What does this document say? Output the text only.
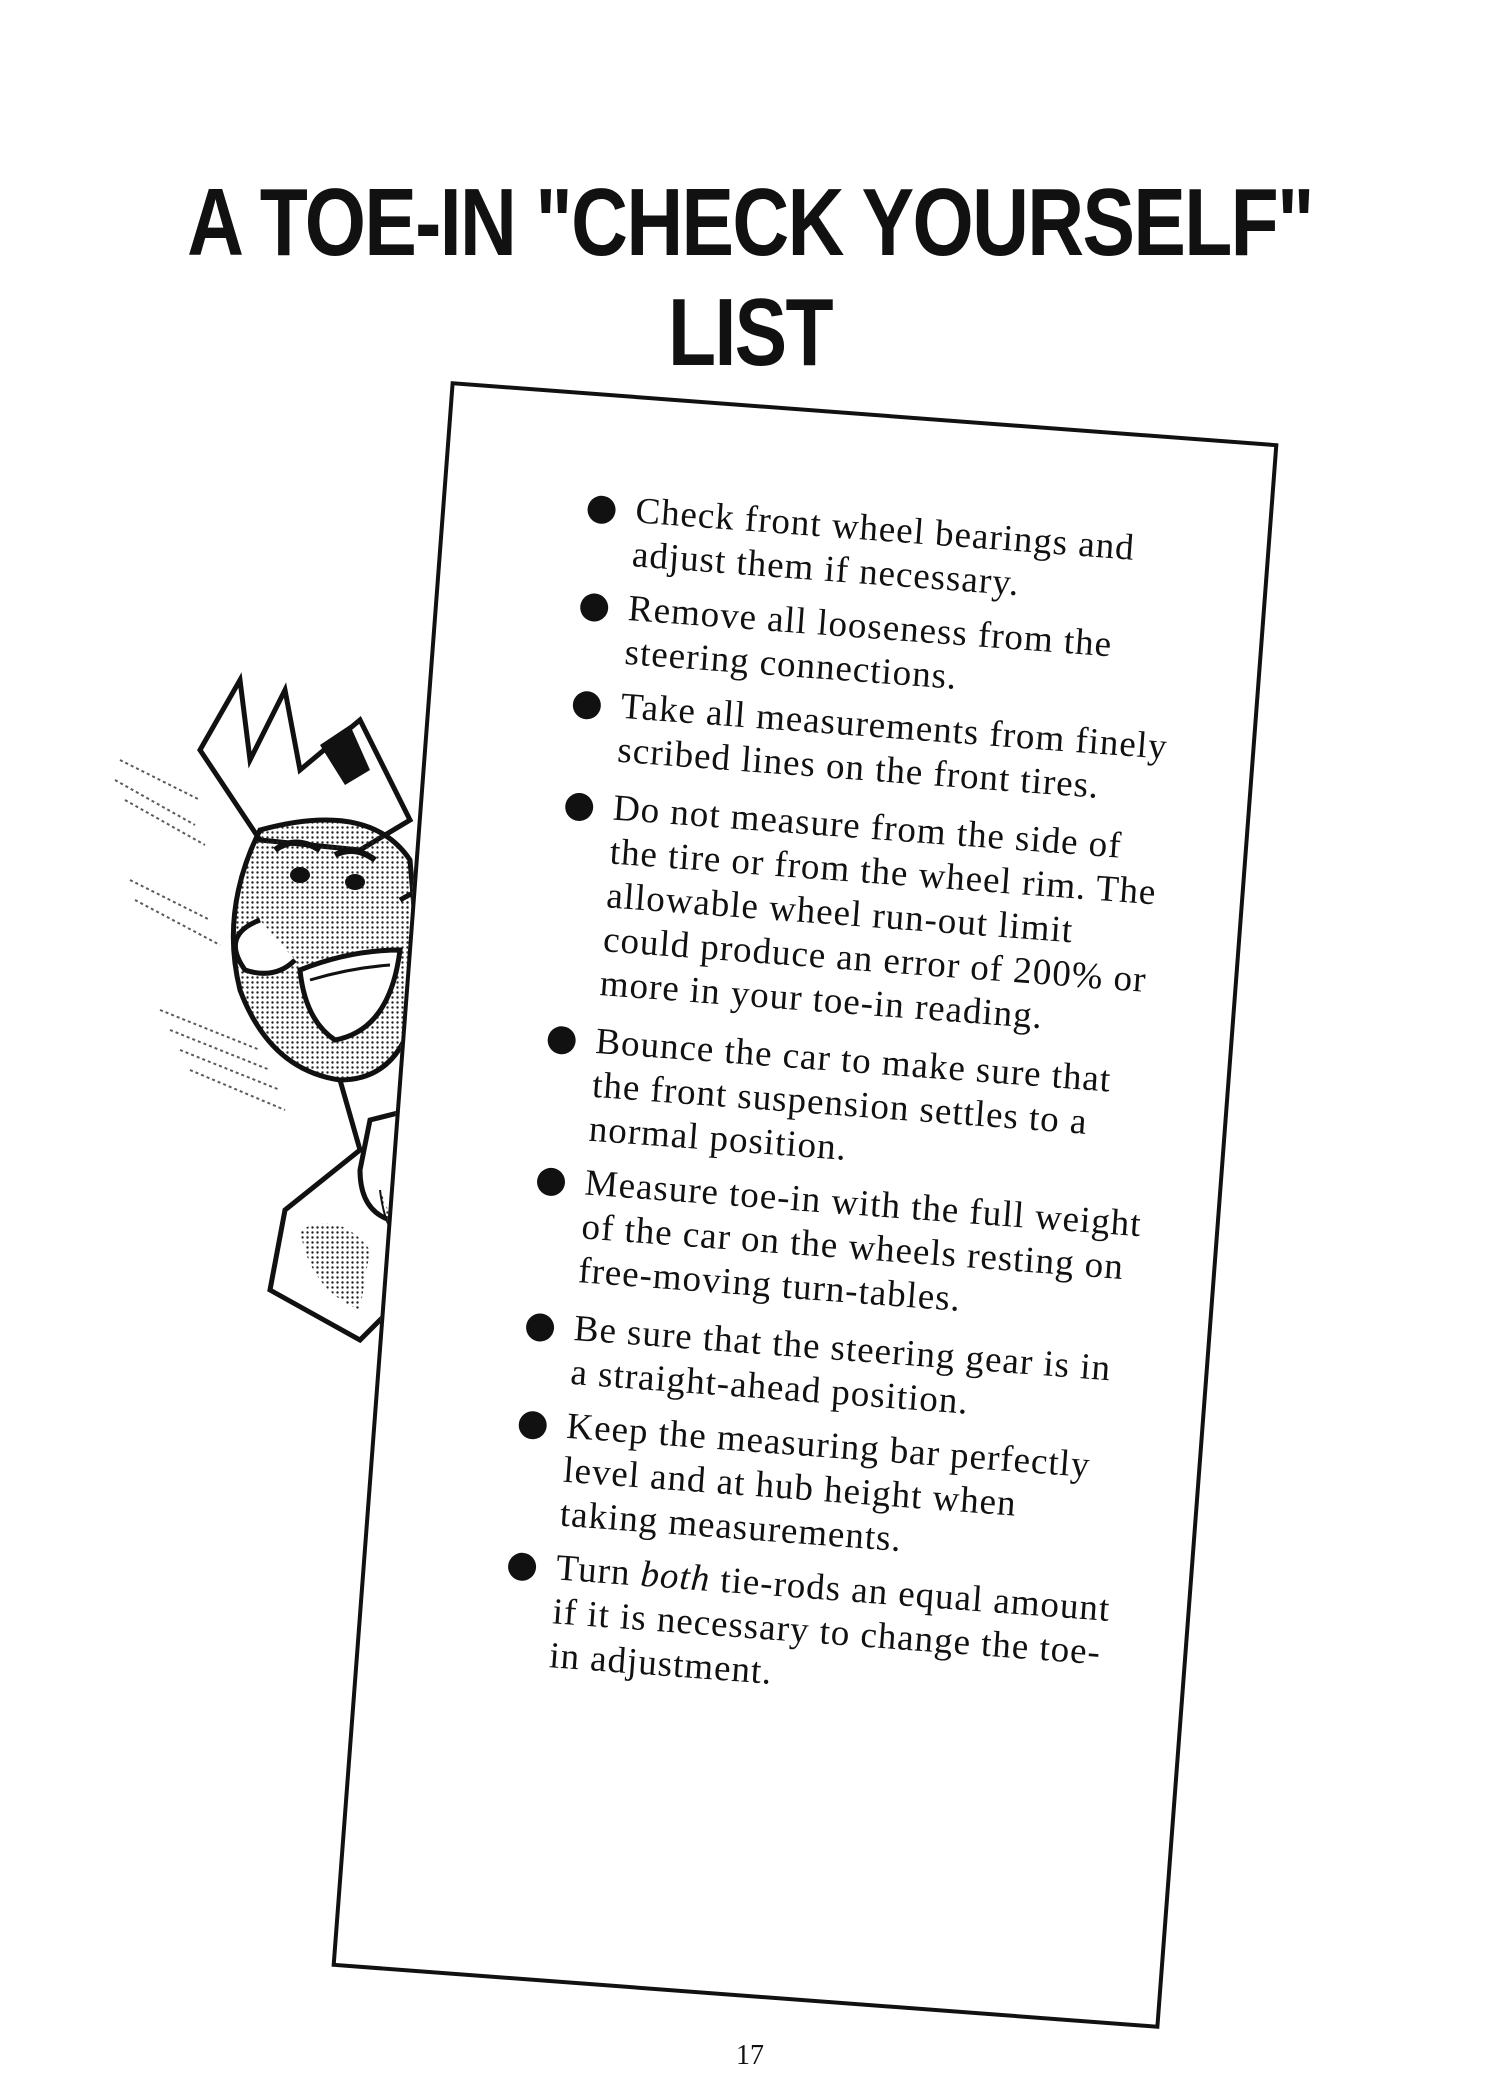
A TOE-IN "CHECK YOURSELF"
LIST
Check front wheel bearings and adjust them if necessary.
Remove all looseness from the steering connections.
Take all measurements from finely scribed lines on the front tires.
Do not measure from the side of the tire or from the wheel rim. The allowable wheel run-out limit could produce an error of 200% or more in your toe-in reading.
Bounce the car to make sure that the front suspension settles to a normal position.
Measure toe-in with the full weight of the car on the wheels resting on free-moving turn-tables.
Be sure that the steering gear is in a straight-ahead position.
Keep the measuring bar perfectly level and at hub height when taking measurements.
Turn both tie-rods an equal amount if it is necessary to change the toe-in adjustment.

17
